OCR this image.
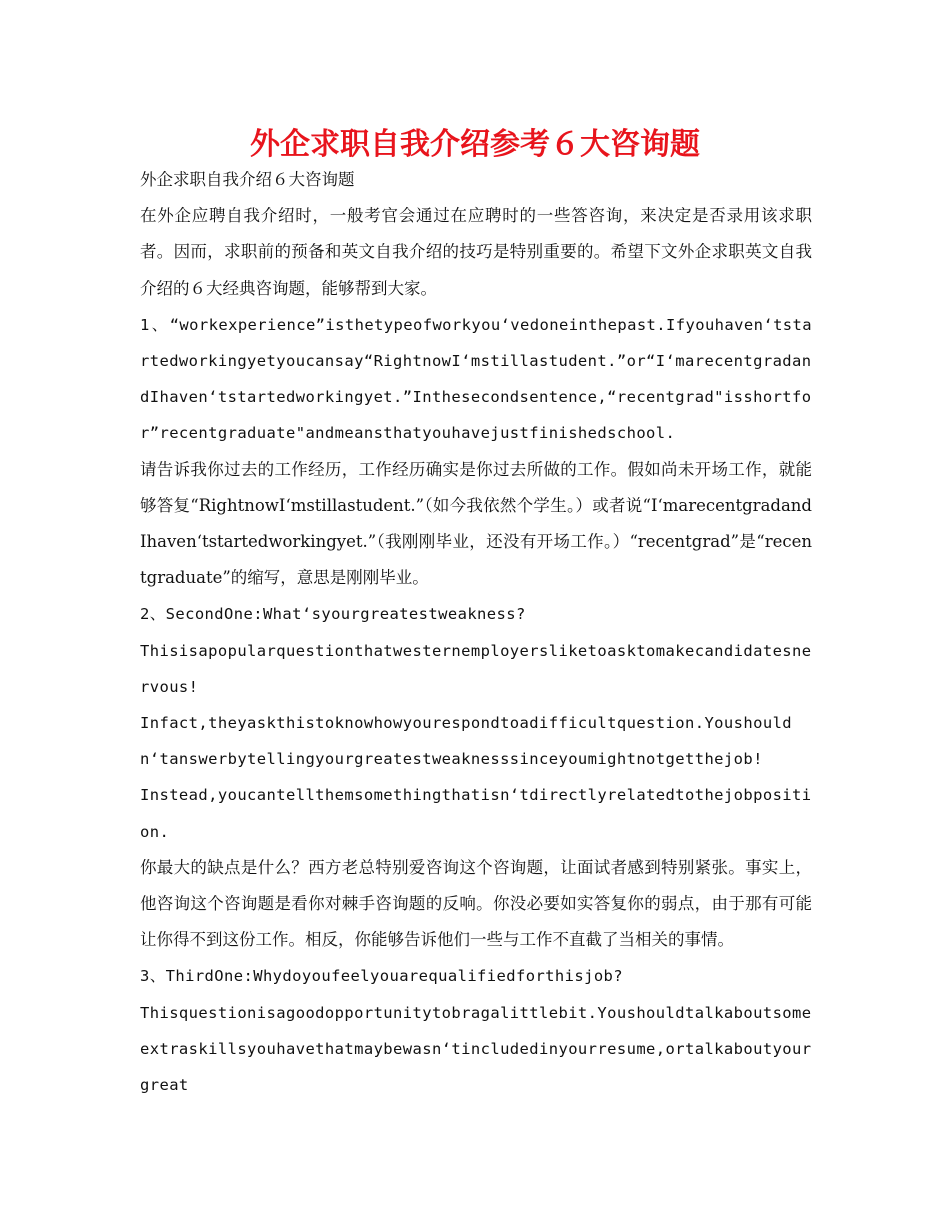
外企求职自我介绍参考６大咨询题

外企求职自我介绍６大咨询题

在外企应聘自我介绍时，一般考官会通过在应聘时的一些答咨询，来决定是否录用该求职者。因而，求职前的预备和英文自我介绍的技巧是特别重要的。希望下文外企求职英文自我介绍的６大经典咨询题，能够帮到大家。

1、“workexperience”isthetypeofworkyou‘vedoneinthepast.Ifyouhaven‘tstartedworkingyetyoucansay“RightnowI‘mstillastudent.”or“I‘marecentgradandIhaven‘tstartedworkingyet.”Inthesecondsentence,“recentgrad"isshortfor”recentgraduate"andmeansthatyouhavejustfinishedschool.

请告诉我你过去的工作经历，工作经历确实是你过去所做的工作。假如尚未开场工作，就能够答复“RightnowI‘mstillastudent.”（如今我依然个学生。）或者说“I‘marecentgradandIhaven‘tstartedworkingyet.”（我刚刚毕业，还没有开场工作。）“recentgrad”是“recentgraduate”的缩写，意思是刚刚毕业。

2、SecondOne:What‘syourgreatestweakness?

Thisisapopularquestionthatwesternemployersliketoasktomakecandidatesnervous!

Infact,theyaskthistoknowhowyourespondtoadifficultquestion.Youshouldn‘tanswerbytellingyourgreatestweaknesssinceyoumightnotgetthejob!

Instead,youcantellthemsomethingthatisn‘tdirectlyrelatedtothejobposition.

你最大的缺点是什么？西方老总特别爱咨询这个咨询题，让面试者感到特别紧张。事实上，他咨询这个咨询题是看你对棘手咨询题的反响。你没必要如实答复你的弱点，由于那有可能让你得不到这份工作。相反，你能够告诉他们一些与工作不直截了当相关的事情。

3、ThirdOne:Whydoyoufeelyouarequalifiedforthisjob?

Thisquestionisagoodopportunitytobragalittlebit.Youshouldtalkaboutsomeextraskillsyouhavethatmaybewasn‘tincludedinyourresume,ortalkaboutyourgreat
